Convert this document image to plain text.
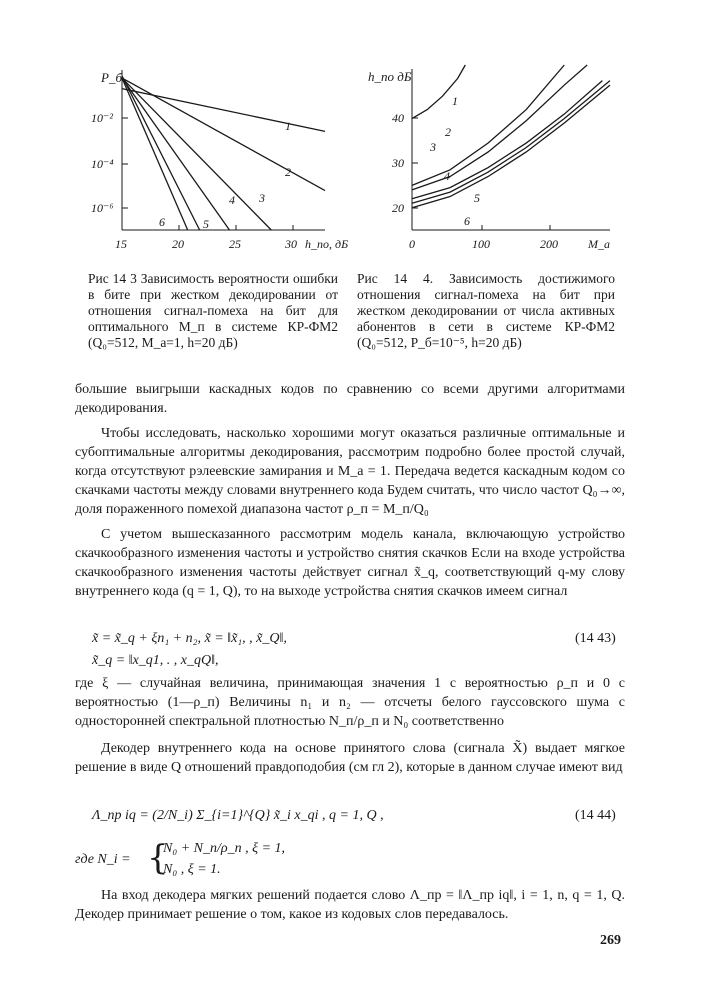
1
2
3
4
5
6
P_б
10⁻²
10⁻⁴
10⁻⁶
15	20	25	30 h_по, дБ
1
2
3
4
5
6
h_по дБ
40
30
20
0	100	200	M_a
Рис 14 3 Зависимость вероятности ошибки в бите при жестком декодировании от отношения сигнал-помеха на бит для оптимального M_п в системе КР-ФМ2 (Q₀=512, M_a=1, h=20 дБ)
Рис 14 4. Зависимость достижимого отношения сигнал-помеха на бит при жестком декодировании от числа активных абонентов в сети в системе КР-ФМ2 (Q₀=512, P_б=10⁻⁵, h=20 дБ)

большие выигрыши каскадных кодов по сравнению со всеми другими алгоритмами декодирования.

Чтобы исследовать, насколько хорошими могут оказаться различные оптимальные и субоптимальные алгоритмы декодирования, рассмотрим подробно более простой случай, когда отсутствуют рэлеевские замирания и M_a = 1. Передача ведется каскадным кодом со скачками частоты между словами внутреннего кода Будем считать, что число частот Q₀→∞, доля пораженного помехой диапазона частот ρ_п = M_п/Q₀

С учетом вышесказанного рассмотрим модель канала, включающую устройство скачкообразного изменения частоты и устройство снятия скачков Если на входе устройства скачкообразного изменения частоты действует сигнал x̃_q, соответствующий q-му слову внутреннего кода (q = 1, Q), то на выходе устройства снятия скачков имеем сигнал

x̃ = x̃_q + ξn₁ + n₂, x̃ = ‖x̃₁, , x̃_Q‖,	(14 43)
x̃_q = ‖x_q1, . , x_qQ‖,

где ξ — случайная величина, принимающая значения 1 с вероятностью ρ_п и 0 с вероятностью (1—ρ_п) Величины n₁ и n₂ — отсчеты белого гауссовского шума с односторонней спектральной плотностью N_п/ρ_п и N₀ соответственно

Декодер внутреннего кода на основе принятого слова (сигнала X̃) выдает мягкое решение в виде Q отношений правдоподобия (см гл 2), которые в данном случае имеют вид

Λ_пр iq = (2/N_i) Σ_{i=1}^{Q} x̃_i x_qi , q = 1, Q ,	(14 44)
где N_i = {
N₀ + N_п/ρ_п , ξ = 1,
N₀ , ξ = 1.

На вход декодера мягких решений подается слово Λ_пр = ‖Λ_пр iq‖, i = 1, n, q = 1, Q. Декодер принимает решение о том, какое из кодовых слов передавалось.

269
